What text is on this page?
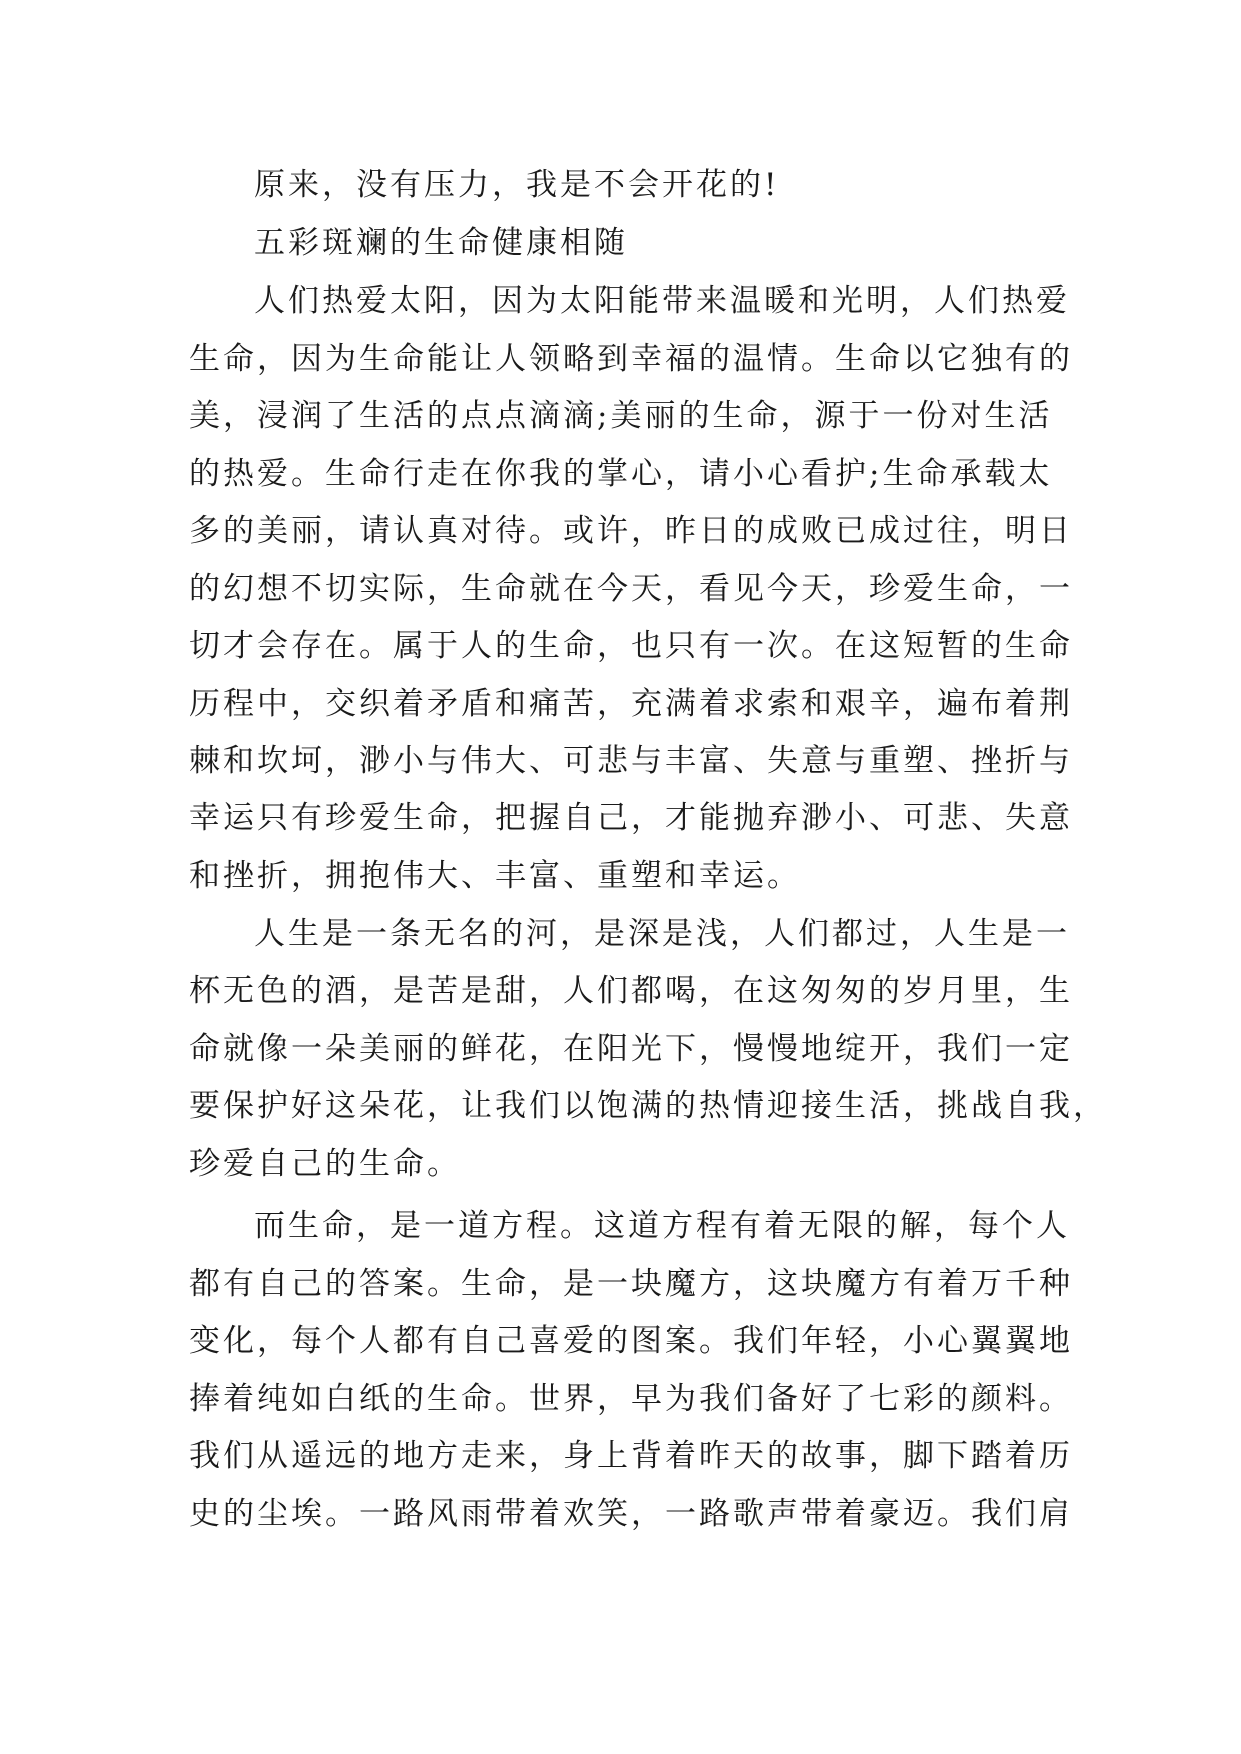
原来，没有压力，我是不会开花的!
五彩斑斓的生命健康相随
人们热爱太阳，因为太阳能带来温暖和光明，人们热爱
生命，因为生命能让人领略到幸福的温情。生命以它独有的
美，浸润了生活的点点滴滴;美丽的生命，源于一份对生活
的热爱。生命行走在你我的掌心，请小心看护;生命承载太
多的美丽，请认真对待。或许，昨日的成败已成过往，明日
的幻想不切实际，生命就在今天，看见今天，珍爱生命，一
切才会存在。属于人的生命，也只有一次。在这短暂的生命
历程中，交织着矛盾和痛苦，充满着求索和艰辛，遍布着荆
棘和坎坷，渺小与伟大、可悲与丰富、失意与重塑、挫折与
幸运只有珍爱生命，把握自己，才能抛弃渺小、可悲、失意
和挫折，拥抱伟大、丰富、重塑和幸运。
人生是一条无名的河，是深是浅，人们都过，人生是一
杯无色的酒，是苦是甜，人们都喝，在这匆匆的岁月里，生
命就像一朵美丽的鲜花，在阳光下，慢慢地绽开，我们一定
要保护好这朵花，让我们以饱满的热情迎接生活，挑战自我，
珍爱自己的生命。
而生命，是一道方程。这道方程有着无限的解，每个人
都有自己的答案。生命，是一块魔方，这块魔方有着万千种
变化，每个人都有自己喜爱的图案。我们年轻，小心翼翼地
捧着纯如白纸的生命。世界，早为我们备好了七彩的颜料。
我们从遥远的地方走来，身上背着昨天的故事，脚下踏着历
史的尘埃。一路风雨带着欢笑，一路歌声带着豪迈。我们肩
